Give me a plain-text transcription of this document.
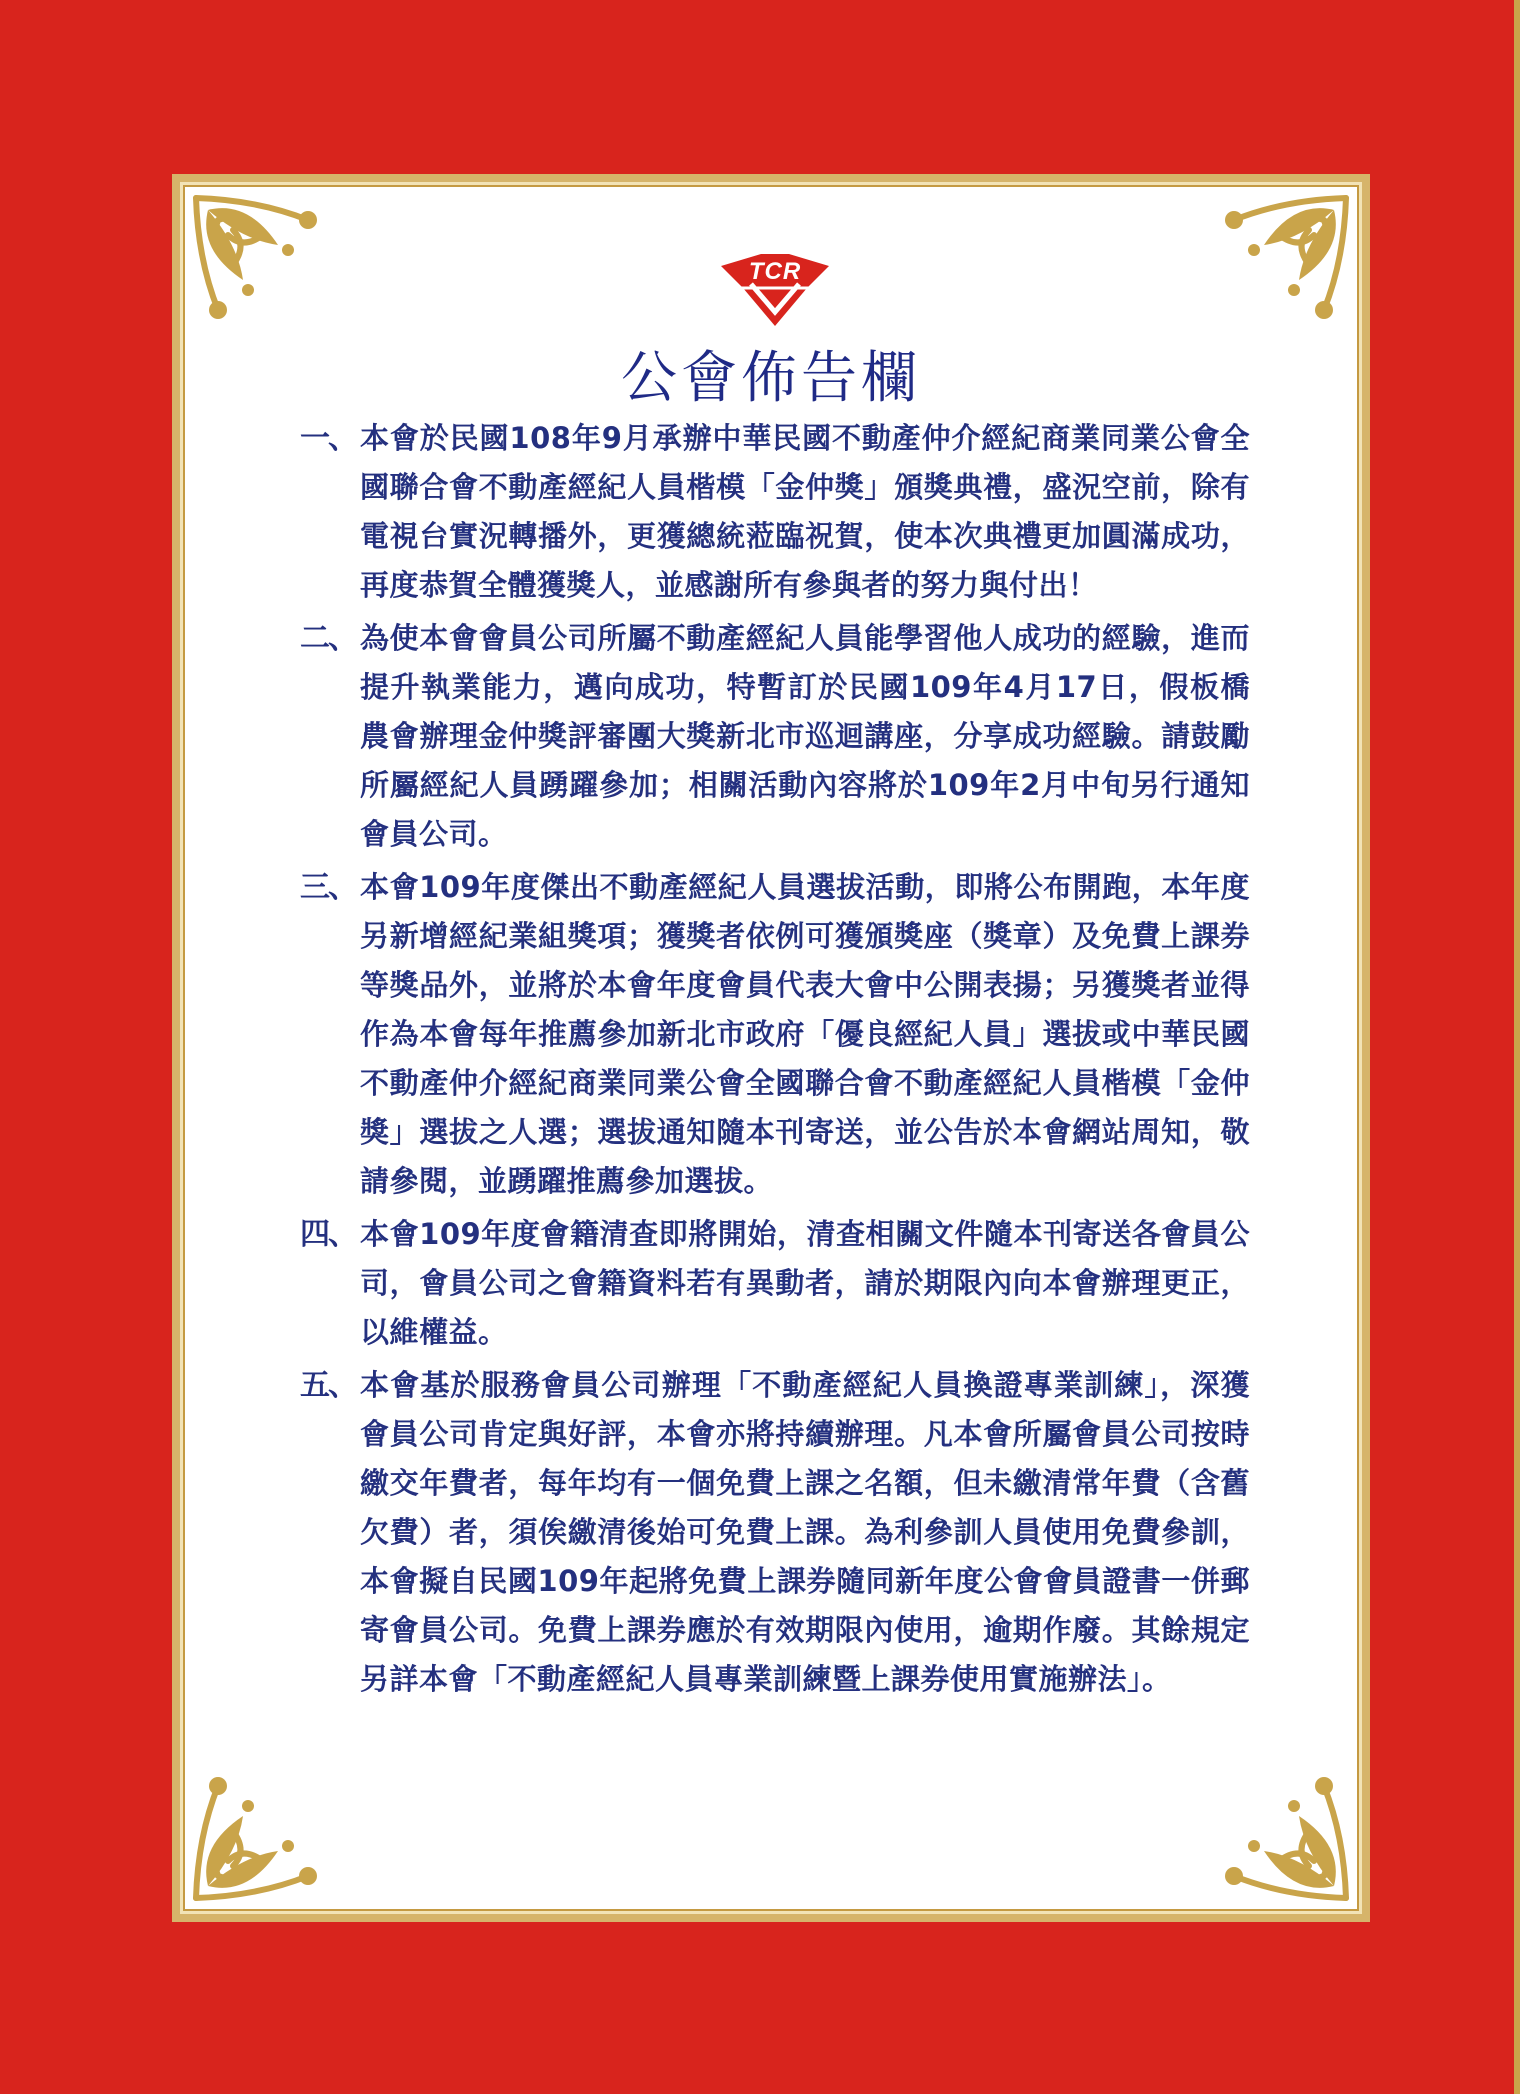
TCR
公會佈告欄
一、 本會於民國108年9月承辦中華民國不動產仲介經紀商業同業公會全國聯合會不動產經紀人員楷模「金仲獎」頒獎典禮，盛況空前，除有電視台實況轉播外，更獲總統蒞臨祝賀，使本次典禮更加圓滿成功，再度恭賀全體獲獎人，並感謝所有參與者的努力與付出！
二、 為使本會會員公司所屬不動產經紀人員能學習他人成功的經驗，進而提升執業能力，邁向成功，特暫訂於民國109年4月17日，假板橋農會辦理金仲獎評審團大獎新北市巡迴講座，分享成功經驗。請鼓勵所屬經紀人員踴躍參加；相關活動內容將於109年2月中旬另行通知會員公司。
三、 本會109年度傑出不動產經紀人員選拔活動，即將公布開跑，本年度另新增經紀業組獎項；獲獎者依例可獲頒獎座（獎章）及免費上課券等獎品外，並將於本會年度會員代表大會中公開表揚；另獲獎者並得作為本會每年推薦參加新北市政府「優良經紀人員」選拔或中華民國不動產仲介經紀商業同業公會全國聯合會不動產經紀人員楷模「金仲獎」選拔之人選；選拔通知隨本刊寄送，並公告於本會網站周知，敬請參閱，並踴躍推薦參加選拔。
四、 本會109年度會籍清查即將開始，清查相關文件隨本刊寄送各會員公司，會員公司之會籍資料若有異動者，請於期限內向本會辦理更正，以維權益。
五、 本會基於服務會員公司辦理「不動產經紀人員換證專業訓練」，深獲會員公司肯定與好評，本會亦將持續辦理。凡本會所屬會員公司按時繳交年費者，每年均有一個免費上課之名額，但未繳清常年費（含舊欠費）者，須俟繳清後始可免費上課。為利參訓人員使用免費參訓，本會擬自民國109年起將免費上課券隨同新年度公會會員證書一併郵寄會員公司。免費上課券應於有效期限內使用，逾期作廢。其餘規定另詳本會「不動產經紀人員專業訓練暨上課券使用實施辦法」。
